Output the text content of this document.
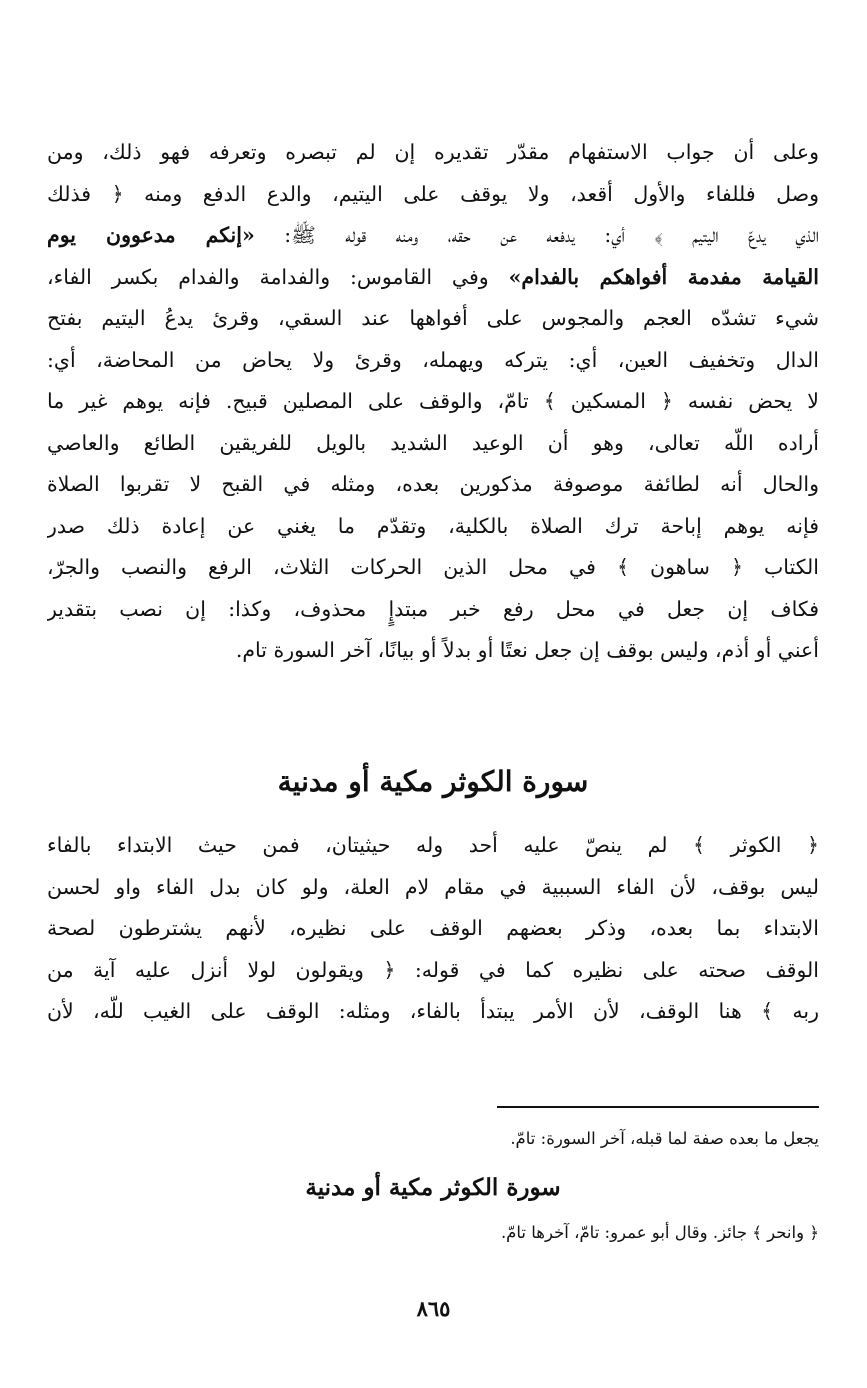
وعلى أن جواب الاستفهام مقدّر تقديره إن لم تبصره وتعرفه فهو ذلك، ومن
وصل فللفاء والأول أقعد، ولا يوقف على اليتيم، والدع الدفع ومنه ﴿ فذلك
الذي يدعّ اليتيم ﴾ أي: يدفعه عن حقه، ومنه قوله ﷺ: «إنكم مدعوون يوم
القيامة مفدمة أفواهكم بالفدام» وفي القاموس: والفدامة والفدام بكسر الفاء،
شيء تشدّه العجم والمجوس على أفواهها عند السقي، وقرئ يدعُ اليتيم بفتح
الدال وتخفيف العين، أي: يتركه ويهمله، وقرئ ولا يحاض من المحاضة، أي:
لا يحض نفسه ﴿ المسكين ﴾ تامّ، والوقف على المصلين قبيح. فإنه يوهم غير ما
أراده اللّه تعالى، وهو أن الوعيد الشديد بالويل للفريقين الطائع والعاصي
والحال أنه لطائفة موصوفة مذكورين بعده، ومثله في القبح لا تقربوا الصلاة
فإنه يوهم إباحة ترك الصلاة بالكلية، وتقدّم ما يغني عن إعادة ذلك صدر
الكتاب ﴿ ساهون ﴾ في محل الذين الحركات الثلاث، الرفع والنصب والجرّ،
فكاف إن جعل في محل رفع خبر مبتدإٍ محذوف، وكذا: إن نصب بتقدير
أعني أو أذم، وليس بوقف إن جعل نعتًا أو بدلاً أو بيانًا، آخر السورة تام.
سورة الكوثر مكية أو مدنية
﴿ الكوثر ﴾ لم ينصّ عليه أحد وله حيثيتان، فمن حيث الابتداء بالفاء
ليس بوقف، لأن الفاء السببية في مقام لام العلة، ولو كان بدل الفاء واو لحسن
الابتداء بما بعده، وذكر بعضهم الوقف على نظيره، لأنهم يشترطون لصحة
الوقف صحته على نظيره كما في قوله: ﴿ ويقولون لولا أنزل عليه آية من
ربه ﴾ هنا الوقف، لأن الأمر يبتدأ بالفاء، ومثله: الوقف على الغيب للّه، لأن
يجعل ما بعده صفة لما قبله، آخر السورة: تامّ.
سورة الكوثر مكية أو مدنية
﴿ وانحر ﴾ جائز. وقال أبو عمرو: تامّ، آخرها تامّ.
٨٦٥
